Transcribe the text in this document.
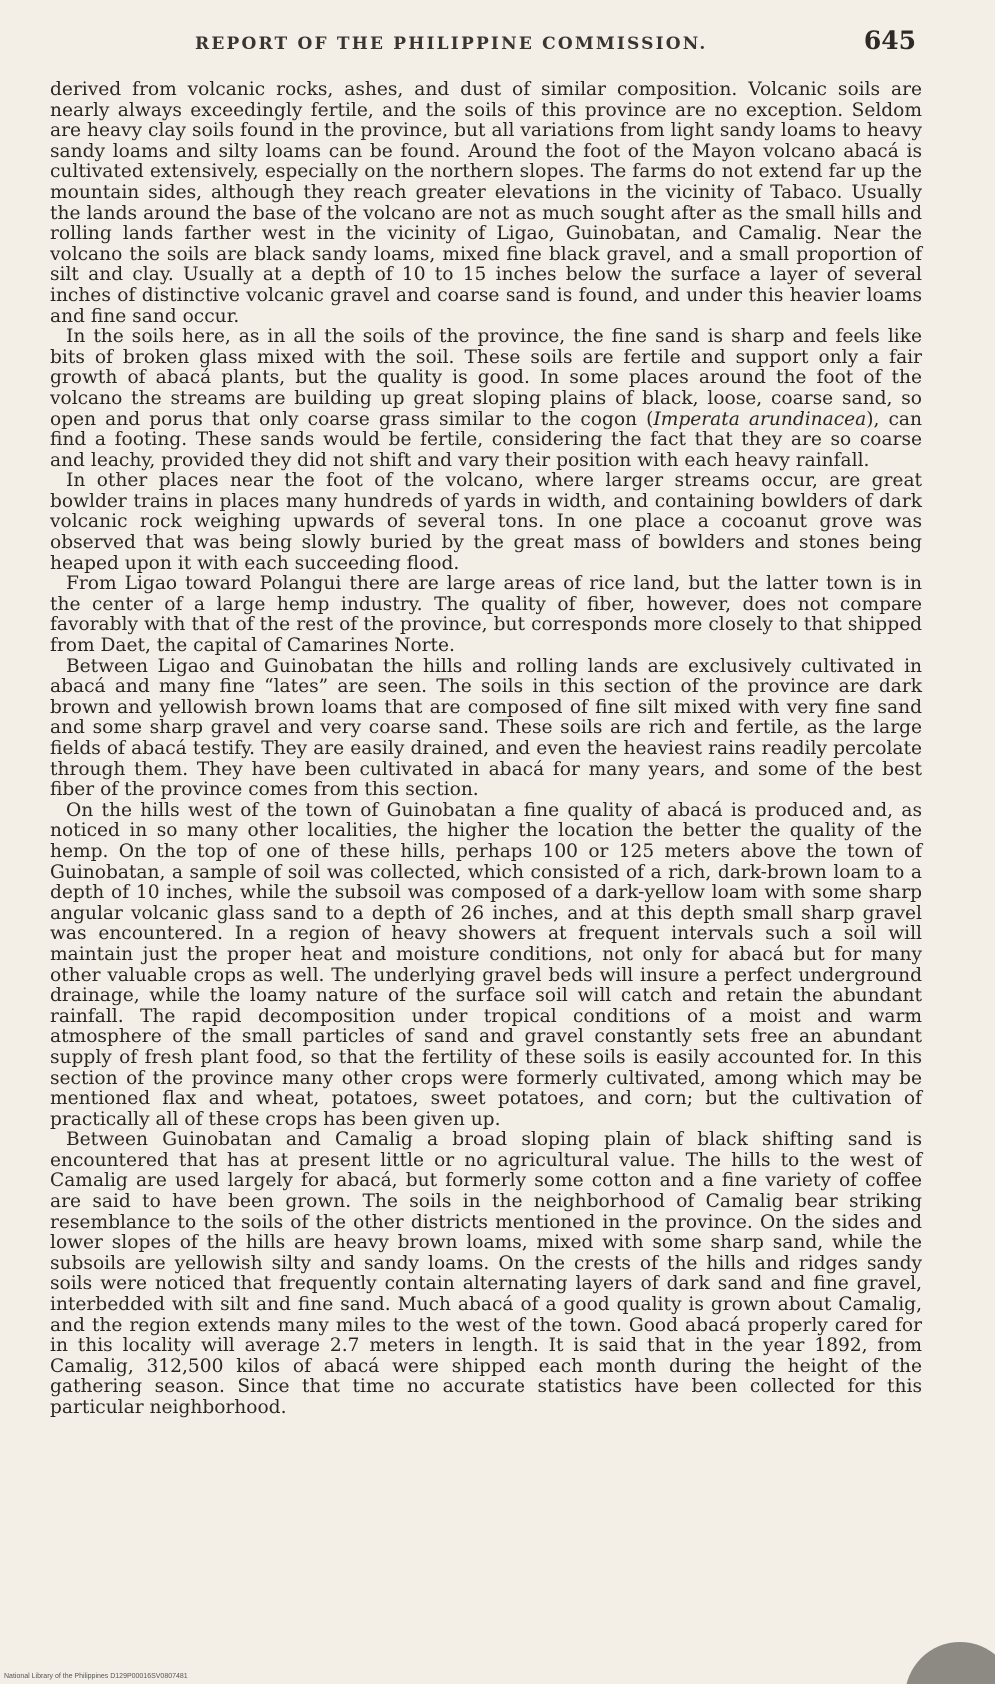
REPORT OF THE PHILIPPINE COMMISSION.	645

derived from volcanic rocks, ashes, and dust of similar composition. Volcanic soils are nearly always exceedingly fertile, and the soils of this province are no exception. Seldom are heavy clay soils found in the province, but all variations from light sandy loams to heavy sandy loams and silty loams can be found. Around the foot of the Mayon volcano abacá is cultivated extensively, especially on the northern slopes. The farms do not extend far up the mountain sides, although they reach greater elevations in the vicinity of Tabaco. Usually the lands around the base of the volcano are not as much sought after as the small hills and rolling lands farther west in the vicinity of Ligao, Guinobatan, and Camalig. Near the volcano the soils are black sandy loams, mixed fine black gravel, and a small proportion of silt and clay. Usually at a depth of 10 to 15 inches below the surface a layer of several inches of distinctive volcanic gravel and coarse sand is found, and under this heavier loams and fine sand occur.

In the soils here, as in all the soils of the province, the fine sand is sharp and feels like bits of broken glass mixed with the soil. These soils are fertile and support only a fair growth of abacá plants, but the quality is good. In some places around the foot of the volcano the streams are building up great sloping plains of black, loose, coarse sand, so open and porus that only coarse grass similar to the cogon (Imperata arundinacea), can find a footing. These sands would be fertile, considering the fact that they are so coarse and leachy, provided they did not shift and vary their position with each heavy rainfall.

In other places near the foot of the volcano, where larger streams occur, are great bowlder trains in places many hundreds of yards in width, and containing bowlders of dark volcanic rock weighing upwards of several tons. In one place a cocoanut grove was observed that was being slowly buried by the great mass of bowlders and stones being heaped upon it with each succeeding flood.

From Ligao toward Polangui there are large areas of rice land, but the latter town is in the center of a large hemp industry. The quality of fiber, however, does not compare favorably with that of the rest of the province, but corresponds more closely to that shipped from Daet, the capital of Camarines Norte.

Between Ligao and Guinobatan the hills and rolling lands are exclusively cultivated in abacá and many fine “lates” are seen. The soils in this section of the province are dark brown and yellowish brown loams that are composed of fine silt mixed with very fine sand and some sharp gravel and very coarse sand. These soils are rich and fertile, as the large fields of abacá testify. They are easily drained, and even the heaviest rains readily percolate through them. They have been cultivated in abacá for many years, and some of the best fiber of the province comes from this section.

On the hills west of the town of Guinobatan a fine quality of abacá is produced and, as noticed in so many other localities, the higher the location the better the quality of the hemp. On the top of one of these hills, perhaps 100 or 125 meters above the town of Guinobatan, a sample of soil was collected, which consisted of a rich, dark-brown loam to a depth of 10 inches, while the subsoil was composed of a dark-yellow loam with some sharp angular volcanic glass sand to a depth of 26 inches, and at this depth small sharp gravel was encountered. In a region of heavy showers at frequent intervals such a soil will maintain just the proper heat and moisture conditions, not only for abacá but for many other valuable crops as well. The underlying gravel beds will insure a perfect underground drainage, while the loamy nature of the surface soil will catch and retain the abundant rainfall. The rapid decomposition under tropical conditions of a moist and warm atmosphere of the small particles of sand and gravel constantly sets free an abundant supply of fresh plant food, so that the fertility of these soils is easily accounted for. In this section of the province many other crops were formerly cultivated, among which may be mentioned flax and wheat, potatoes, sweet potatoes, and corn; but the cultivation of practically all of these crops has been given up.

Between Guinobatan and Camalig a broad sloping plain of black shifting sand is encountered that has at present little or no agricultural value. The hills to the west of Camalig are used largely for abacá, but formerly some cotton and a fine variety of coffee are said to have been grown. The soils in the neighborhood of Camalig bear striking resemblance to the soils of the other districts mentioned in the province. On the sides and lower slopes of the hills are heavy brown loams, mixed with some sharp sand, while the subsoils are yellowish silty and sandy loams. On the crests of the hills and ridges sandy soils were noticed that frequently contain alternating layers of dark sand and fine gravel, interbedded with silt and fine sand. Much abacá of a good quality is grown about Camalig, and the region extends many miles to the west of the town. Good abacá properly cared for in this locality will average 2.7 meters in length. It is said that in the year 1892, from Camalig, 312,500 kilos of abacá were shipped each month during the height of the gathering season. Since that time no accurate statistics have been collected for this particular neighborhood.

National Library of the Philippines D129P00016SV0807481
